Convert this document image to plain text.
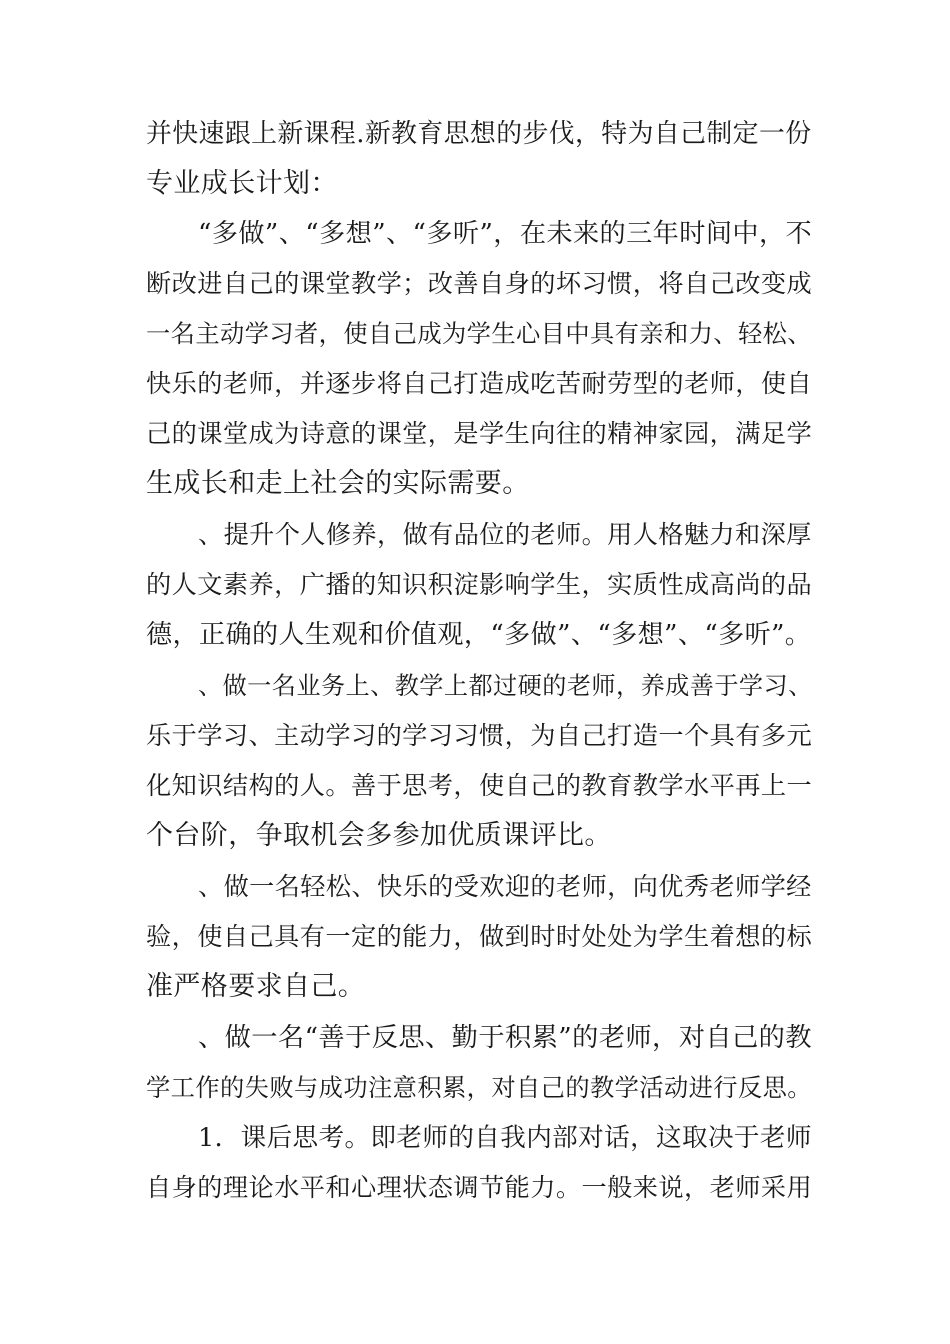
并快速跟上新课程.新教育思想的步伐，特为自己制定一份
专业成长计划：
“多做”、“多想”、“多听”，在未来的三年时间中，不
断改进自己的课堂教学；改善自身的坏习惯，将自己改变成
一名主动学习者，使自己成为学生心目中具有亲和力、轻松、
快乐的老师，并逐步将自己打造成吃苦耐劳型的老师，使自
己的课堂成为诗意的课堂，是学生向往的精神家园，满足学
生成长和走上社会的实际需要。
、提升个人修养，做有品位的老师。用人格魅力和深厚
的人文素养，广播的知识积淀影响学生，实质性成高尚的品
德，正确的人生观和价值观，“多做”、“多想”、“多听”。
、做一名业务上、教学上都过硬的老师，养成善于学习、
乐于学习、主动学习的学习习惯，为自己打造一个具有多元
化知识结构的人。善于思考，使自己的教育教学水平再上一
个台阶，争取机会多参加优质课评比。
、做一名轻松、快乐的受欢迎的老师，向优秀老师学经
验，使自己具有一定的能力，做到时时处处为学生着想的标
准严格要求自己。
、做一名“善于反思、勤于积累”的老师，对自己的教
学工作的失败与成功注意积累，对自己的教学活动进行反思。
1．课后思考。即老师的自我内部对话，这取决于老师
自身的理论水平和心理状态调节能力。一般来说，老师采用
